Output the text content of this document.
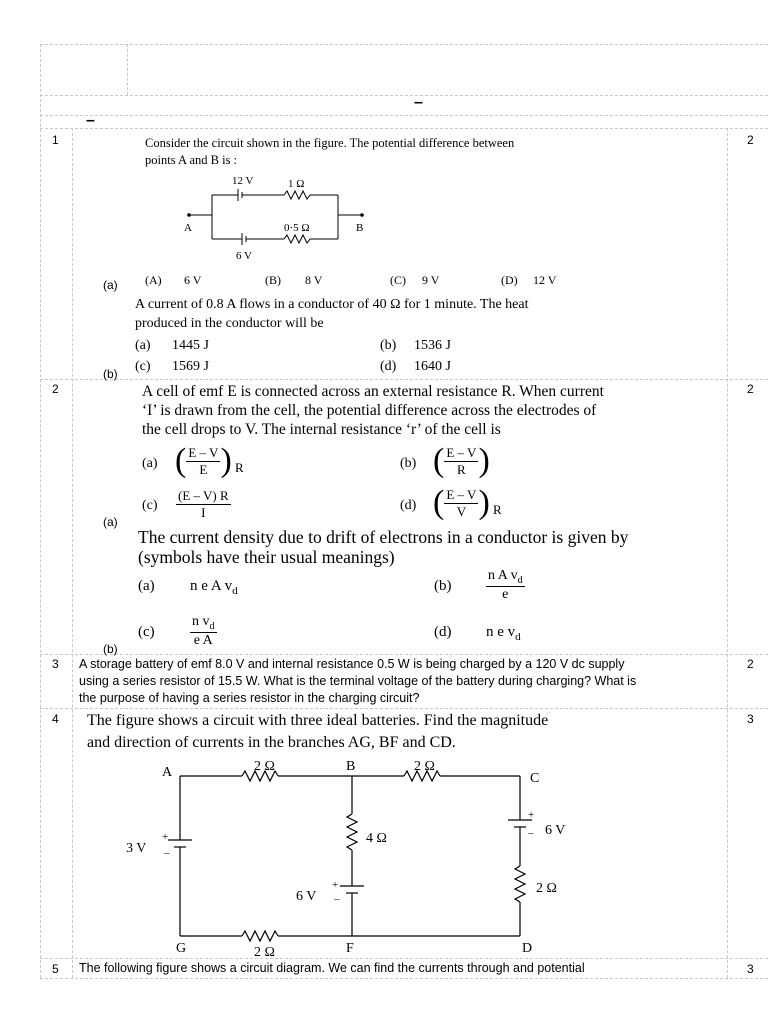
–
–
1	2
Consider the circuit shown in the figure. The potential difference between
points A and B is :
12 V	1 Ω
A	B
0·5 Ω
6 V
(a) (A) 6 V	(B) 8 V	(C) 9 V	(D) 12 V
A current of 0.8 A flows in a conductor of 40 Ω for 1 minute. The heat
produced in the conductor will be
(a) 1445 J	(b) 1536 J
(c) 1569 J	(d) 1640 J
(b)
2	2
A cell of emf E is connected across an external resistance R. When current
‘I’ is drawn from the cell, the potential difference across the electrodes of
the cell drops to V. The internal resistance ‘r’ of the cell is
(a) ( $\frac{E - V}{E}$ ) R	(b) ( $\frac{E - V}{R}$ )
$(c) \frac{(E - V) R}{I}$	(d) ( $\frac{E - V}{V}$ ) R
(a)
The current density due to drift of electrons in a conductor is given by
(symbols have their usual meanings)
(a) n e A $v_d$	$(b) \frac{n A v_d}{e}$
(c)	$\frac{n v_d}{\text{e A}}$	(d) n e $v_d$
(b)
3	2
A storage battery of emf 8.0 V and internal resistance 0.5 W is being charged by a 120 V dc supply
using a series resistor of 15.5 W. What is the terminal voltage of the battery during charging? What is
the purpose of having a series resistor in the charging circuit?
4	3
The figure shows a circuit with three ideal batteries. Find the magnitude
and direction of currents in the branches AG, BF and CD.
A	B
C
G	F	D
2 Ω	2 Ω
4 Ω
2 Ω
2 Ω
3 V
6 V
6 V
+
–
+
–
+
–
5	3
The following figure shows a circuit diagram. We can find the currents through and potential
